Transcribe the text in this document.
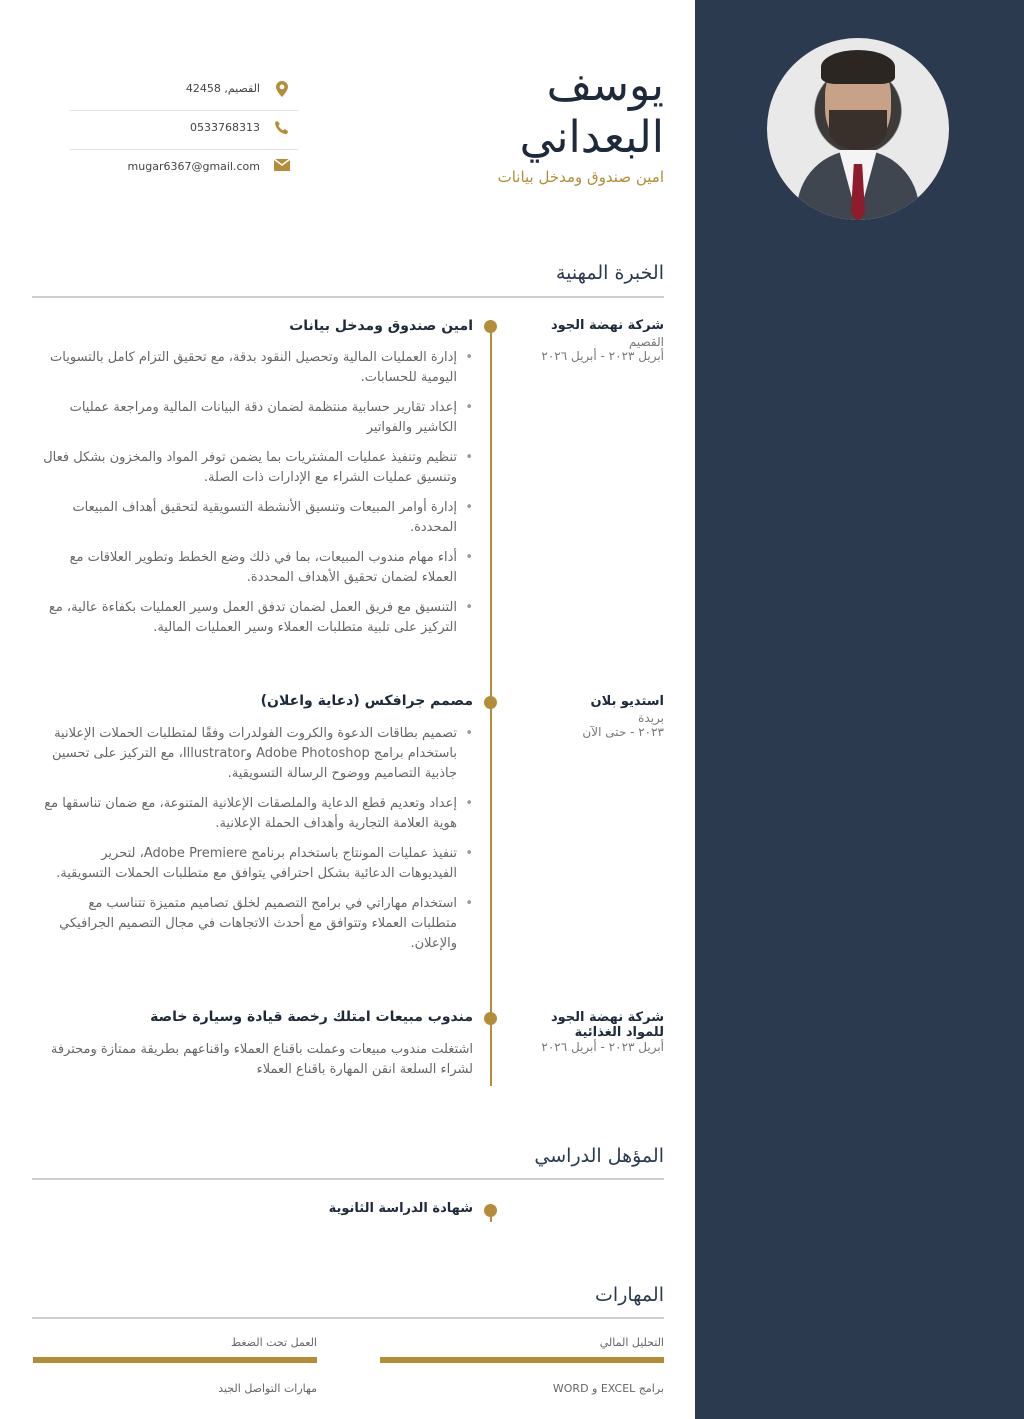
يوسف
البعداني
امين صندوق ومدخل بيانات
القصيم, 42458
0533768313
mugar6367@gmail.com
الخبرة المهنية
شركة نهضة الجود
القصيم
أبريل ٢٠٢٣ - أبريل ٢٠٢٦
امين صندوق ومدخل بيانات
• إدارة العمليات المالية وتحصيل النقود بدقة، مع تحقيق التزام كامل بالتسويات اليومية للحسابات.
• إعداد تقارير حسابية منتظمة لضمان دقة البيانات المالية ومراجعة عمليات الكاشير والفواتير
• تنظيم وتنفيذ عمليات المشتريات بما يضمن توفر المواد والمخزون بشكل فعال وتنسيق عمليات الشراء مع الإدارات ذات الصلة.
• إدارة أوامر المبيعات وتنسيق الأنشطة التسويقية لتحقيق أهداف المبيعات المحددة.
• أداء مهام مندوب المبيعات، بما في ذلك وضع الخطط وتطوير العلاقات مع العملاء لضمان تحقيق الأهداف المحددة.
• التنسيق مع فريق العمل لضمان تدفق العمل وسير العمليات بكفاءة عالية، مع التركيز على تلبية متطلبات العملاء وسير العمليات المالية.
استديو بلان
بريدة
٢٠٢٣ - حتى الآن
مصمم جرافكس (دعاية واعلان)
• تصميم بطاقات الدعوة والكروت الفولدرات وفقًا لمتطلبات الحملات الإعلانية باستخدام برامج Adobe Photoshop وIllustrator، مع التركيز على تحسين جاذبية التصاميم ووضوح الرسالة التسويقية.
• إعداد وتعديم قطع الدعاية والملصقات الإعلانية المتنوعة، مع ضمان تناسقها مع هوية العلامة التجارية وأهداف الحملة الإعلانية.
• تنفيذ عمليات المونتاج باستخدام برنامج Adobe Premiere، لتحرير الفيديوهات الدعائية بشكل احترافي يتوافق مع متطلبات الحملات التسويقية.
• استخدام مهاراتي في برامج التصميم لخلق تصاميم متميزة تتناسب مع متطلبات العملاء وتتوافق مع أحدث الاتجاهات في مجال التصميم الجرافيكي والإعلان.
شركة نهضة الجود للمواد الغذائية
أبريل ٢٠٢٣ - أبريل ٢٠٢٦
مندوب مبيعات امتلك رخصة قيادة وسيارة خاصة
اشتغلت مندوب مبيعات وعملت باقناع العملاء واقناعهم بطريقة ممتازة ومحترفة لشراء السلعة انقن المهارة باقناع العملاء
المؤهل الدراسي
شهادة الدراسة الثانوية
المهارات
التحليل المالي
العمل تحت الضغط
برامج EXCEL و WORD
مهارات التواصل الجيد
